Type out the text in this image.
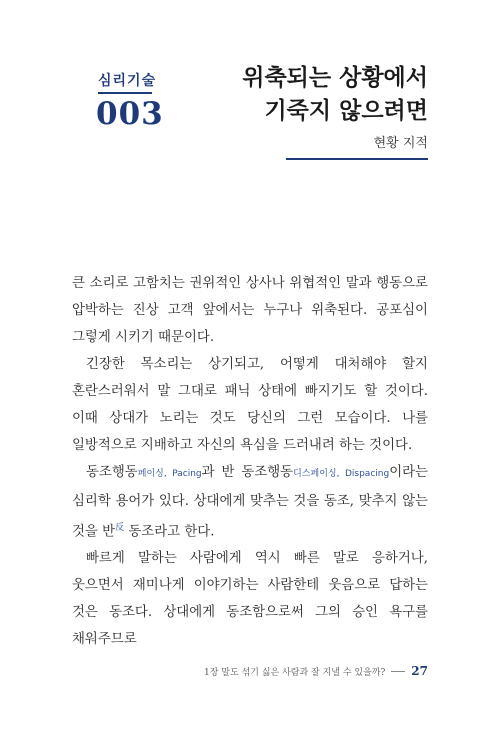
심리기술
003
위축되는 상황에서
기죽지 않으려면
현황 지적

큰 소리로 고함치는 권위적인 상사나 위협적인 말과 행동으로 압박하는 진상 고객 앞에서는 누구나 위축된다. 공포심이 그렇게 시키기 때문이다.

긴장한 목소리는 상기되고, 어떻게 대처해야 할지 혼란스러워서 말 그대로 패닉 상태에 빠지기도 할 것이다. 이때 상대가 노리는 것도 당신의 그런 모습이다. 나를 일방적으로 지배하고 자신의 욕심을 드러내려 하는 것이다.

동조행동페이싱, Pacing과 반 동조행동디스페이싱, Dispacing이라는 심리학 용어가 있다. 상대에게 맞추는 것을 동조, 맞추지 않는 것을 반$^反$ 동조라고 한다.

빠르게 말하는 사람에게 역시 빠른 말로 응하거나, 웃으면서 재미나게 이야기하는 사람한테 웃음으로 답하는 것은 동조다. 상대에게 동조함으로써 그의 승인 욕구를 채워주므로

1장 말도 섞기 싫은 사람과 잘 지낼 수 있을까? 27
